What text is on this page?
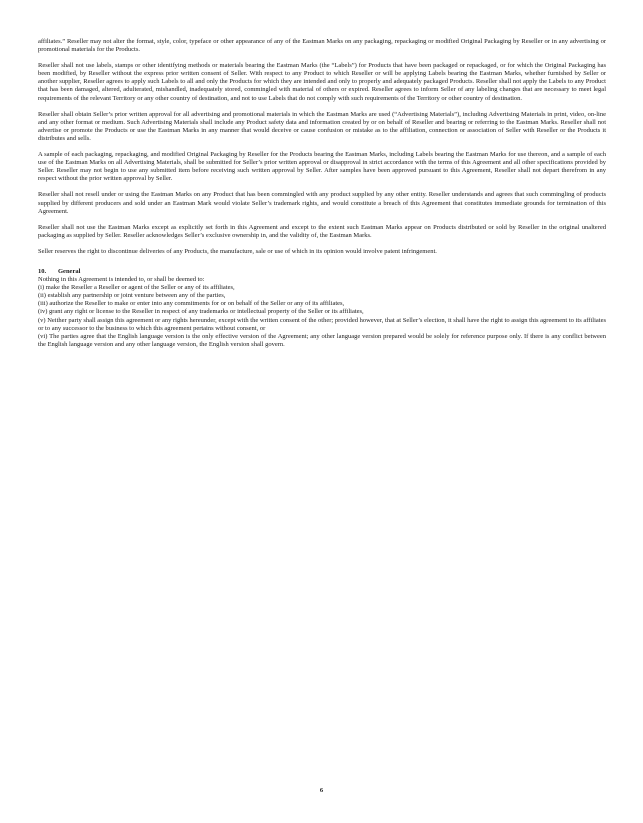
affiliates.” Reseller may not alter the format, style, color, typeface or other appearance of any of the Eastman Marks on any packaging, repackaging or modified Original Packaging by Reseller or in any advertising or promotional materials for the Products.

Reseller shall not use labels, stamps or other identifying methods or materials bearing the Eastman Marks (the “Labels”) for Products that have been packaged or repackaged, or for which the Original Packaging has been modified, by Reseller without the express prior written consent of Seller. With respect to any Product to which Reseller or will be applying Labels bearing the Eastman Marks, whether furnished by Seller or another supplier, Reseller agrees to apply such Labels to all and only the Products for which they are intended and only to properly and adequately packaged Products. Reseller shall not apply the Labels to any Product that has been damaged, altered, adulterated, mishandled, inadequately stored, commingled with material of others or expired. Reseller agrees to inform Seller of any labeling changes that are necessary to meet legal requirements of the relevant Territory or any other country of destination, and not to use Labels that do not comply with such requirements of the Territory or other country of destination.

Reseller shall obtain Seller’s prior written approval for all advertising and promotional materials in which the Eastman Marks are used (“Advertising Materials”), including Advertising Materials in print, video, on-line and any other format or medium. Such Advertising Materials shall include any Product safety data and information created by or on behalf of Reseller and bearing or referring to the Eastman Marks. Reseller shall not advertise or promote the Products or use the Eastman Marks in any manner that would deceive or cause confusion or mistake as to the affiliation, connection or association of Seller with Reseller or the Products it distributes and sells.

A sample of each packaging, repackaging, and modified Original Packaging by Reseller for the Products bearing the Eastman Marks, including Labels bearing the Eastman Marks for use thereon, and a sample of each use of the Eastman Marks on all Advertising Materials, shall be submitted for Seller’s prior written approval or disapproval in strict accordance with the terms of this Agreement and all other specifications provided by Seller. Reseller may not begin to use any submitted item before receiving such written approval by Seller. After samples have been approved pursuant to this Agreement, Reseller shall not depart therefrom in any respect without the prior written approval by Seller.

Reseller shall not resell under or using the Eastman Marks on any Product that has been commingled with any product supplied by any other entity. Reseller understands and agrees that such commingling of products supplied by different producers and sold under an Eastman Mark would violate Seller’s trademark rights, and would constitute a breach of this Agreement that constitutes immediate grounds for termination of this Agreement.

Reseller shall not use the Eastman Marks except as explicitly set forth in this Agreement and except to the extent such Eastman Marks appear on Products distributed or sold by Reseller in the original unaltered packaging as supplied by Seller. Reseller acknowledges Seller’s exclusive ownership in, and the validity of, the Eastman Marks.

Seller reserves the right to discontinue deliveries of any Products, the manufacture, sale or use of which in its opinion would involve patent infringement.

10. General

Nothing in this Agreement is intended to, or shall be deemed to:

(i) make the Reseller a Reseller or agent of the Seller or any of its affiliates,
(ii) establish any partnership or joint venture between any of the parties,
(iii) authorize the Reseller to make or enter into any commitments for or on behalf of the Seller or any of its affiliates,
(iv) grant any right or license to the Reseller in respect of any trademarks or intellectual property of the Seller or its affiliates,
(v) Neither party shall assign this agreement or any rights hereunder, except with the written consent of the other; provided however, that at Seller’s election, it shall have the right to assign this agreement to its affiliates or to any successor to the business to which this agreement pertains without consent, or
(vi) The parties agree that the English language version is the only effective version of the Agreement; any other language version prepared would be solely for reference purpose only. If there is any conflict between the English language version and any other language version, the English version shall govern.
6
